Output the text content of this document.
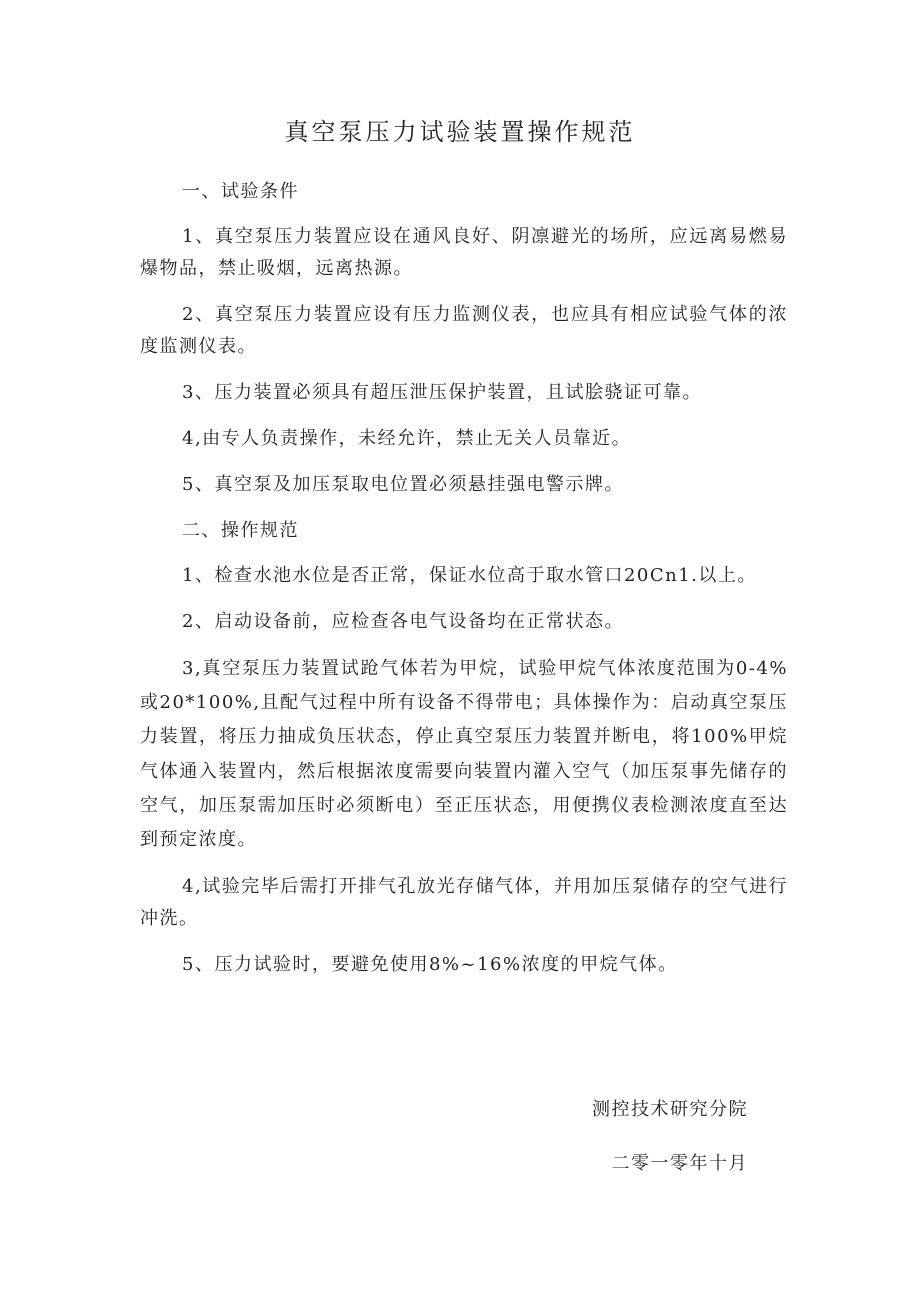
真空泵压力试验装置操作规范

一、试验条件

1、真空泵压力装置应设在通风良好、阴凛避光的场所，应远离易燃易爆物品，禁止吸烟，远离热源。

2、真空泵压力装置应设有压力监测仪表，也应具有相应试验气体的浓度监测仪表。

3、压力装置必须具有超压泄压保护装置，且试脍骁证可靠。

4,由专人负责操作，未经允许，禁止无关人员靠近。

5、真空泵及加压泵取电位置必须悬挂强电警示牌。

二、操作规范

1、检查水池水位是否正常，保证水位高于取水管口20Cn1.以上。

2、启动设备前，应检查各电气设备均在正常状态。

3,真空泵压力装置试跄气体若为甲烷，试验甲烷气体浓度范围为0-4%或20*100%,且配气过程中所有设备不得带电；具体操作为：启动真空泵压力装置，将压力抽成负压状态，停止真空泵压力装置并断电，将100%甲烷气体通入装置内，然后根据浓度需要向装置内灌入空气（加压泵事先储存的空气，加压泵需加压时必须断电）至正压状态，用便携仪表检测浓度直至达到预定浓度。

4,试验完毕后需打开排气孔放光存储气体，并用加压泵储存的空气进行冲洗。

5、压力试验时，要避免使用8%~16%浓度的甲烷气体。

测控技术研究分院

二零一零年十月
